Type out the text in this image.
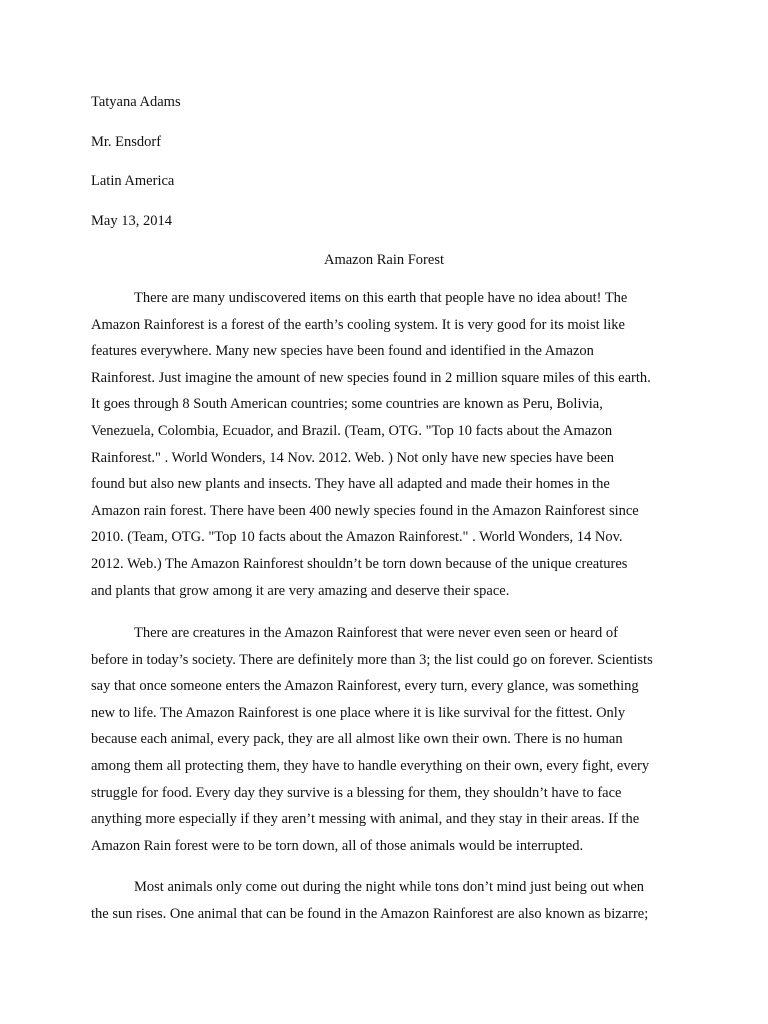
Tatyana Adams
Mr. Ensdorf
Latin America
May 13, 2014
Amazon Rain Forest
There are many undiscovered items on this earth that people have no idea about! The
Amazon Rainforest is a forest of the earth’s cooling system. It is very good for its moist like
features everywhere. Many new species have been found and identified in the Amazon
Rainforest. Just imagine the amount of new species found in 2 million square miles of this earth.
It goes through 8 South American countries; some countries are known as Peru, Bolivia,
Venezuela, Colombia, Ecuador, and Brazil. (Team, OTG. "Top 10 facts about the Amazon
Rainforest." . World Wonders, 14 Nov. 2012. Web. ) Not only have new species have been
found but also new plants and insects. They have all adapted and made their homes in the
Amazon rain forest. There have been 400 newly species found in the Amazon Rainforest since
2010. (Team, OTG. "Top 10 facts about the Amazon Rainforest." . World Wonders, 14 Nov.
2012. Web.) The Amazon Rainforest shouldn’t be torn down because of the unique creatures
and plants that grow among it are very amazing and deserve their space.
There are creatures in the Amazon Rainforest that were never even seen or heard of
before in today’s society. There are definitely more than 3; the list could go on forever. Scientists
say that once someone enters the Amazon Rainforest, every turn, every glance, was something
new to life. The Amazon Rainforest is one place where it is like survival for the fittest. Only
because each animal, every pack, they are all almost like own their own. There is no human
among them all protecting them, they have to handle everything on their own, every fight, every
struggle for food. Every day they survive is a blessing for them, they shouldn’t have to face
anything more especially if they aren’t messing with animal, and they stay in their areas. If the
Amazon Rain forest were to be torn down, all of those animals would be interrupted.
Most animals only come out during the night while tons don’t mind just being out when
the sun rises. One animal that can be found in the Amazon Rainforest are also known as bizarre;
